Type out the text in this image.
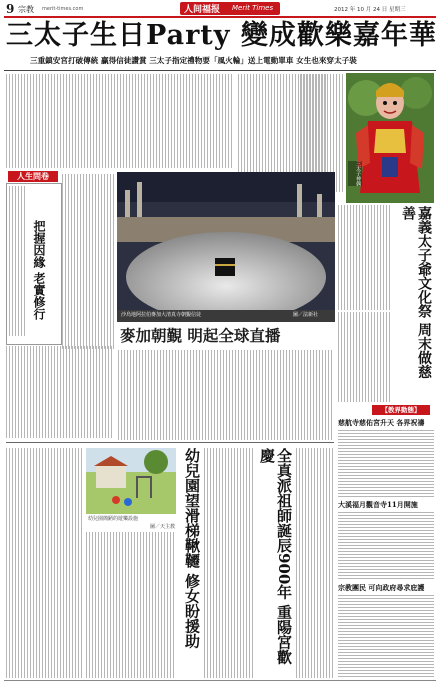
9 宗教 merit-times.com	人间福报 Merit Times	2012 年 10 月 24 日 星期三
三太子生日Party 變成歡樂嘉年華
三重鎮安宮打破傳統 贏得信徒讚賞 三太子指定禮物要「風火輪」送上電動單車 女生也來穿太子裝
三太子神偶
人生問卷
把握因緣 老實修行	沙烏地阿拉伯麥加大清真寺朝覲信徒	圖／法新社
麥加朝覲 明起全球直播	嘉義太子爺文化祭 周末做慈善
【教界動態】
慈航寺慈佑宮升天 各界祝禱
大溪福月觀音寺11月開施
宗教團民 可向政府尋求庇護
幼兒園簡陋的遊樂設施
圖／天主教 幼兒園望滑梯鞦韆 修女盼援助	全真派祖師誕辰900年 重陽宮歡慶
